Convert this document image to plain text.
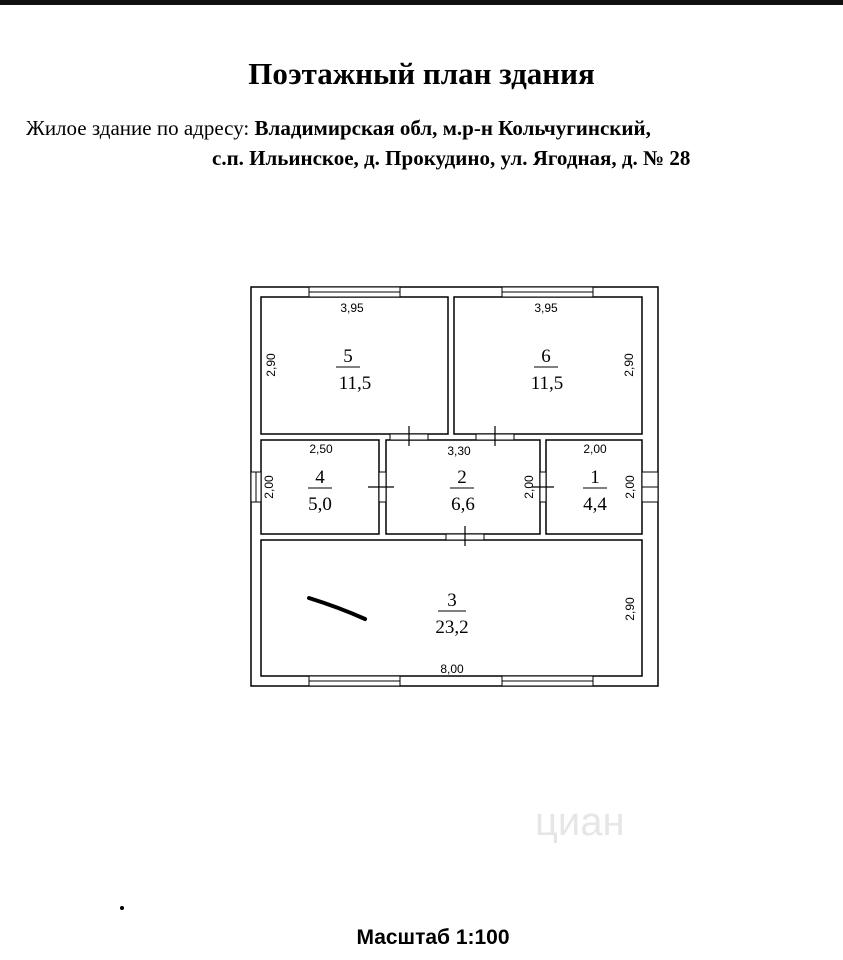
Поэтажный план здания
Жилое здание по адресу: Владимирская обл, м.р-н Кольчугинский,
с.п. Ильинское, д. Прокудино, ул. Ягодная, д. № 28
3,95	3,95
2,90	2,90
2,50	3,30	2,00
2,00	2,00	2,00
2,90
8,00
5
11,5
6
11,5
4
5,0
2
6,6
1
4,4
3
23,2
циан
Масштаб 1:100
